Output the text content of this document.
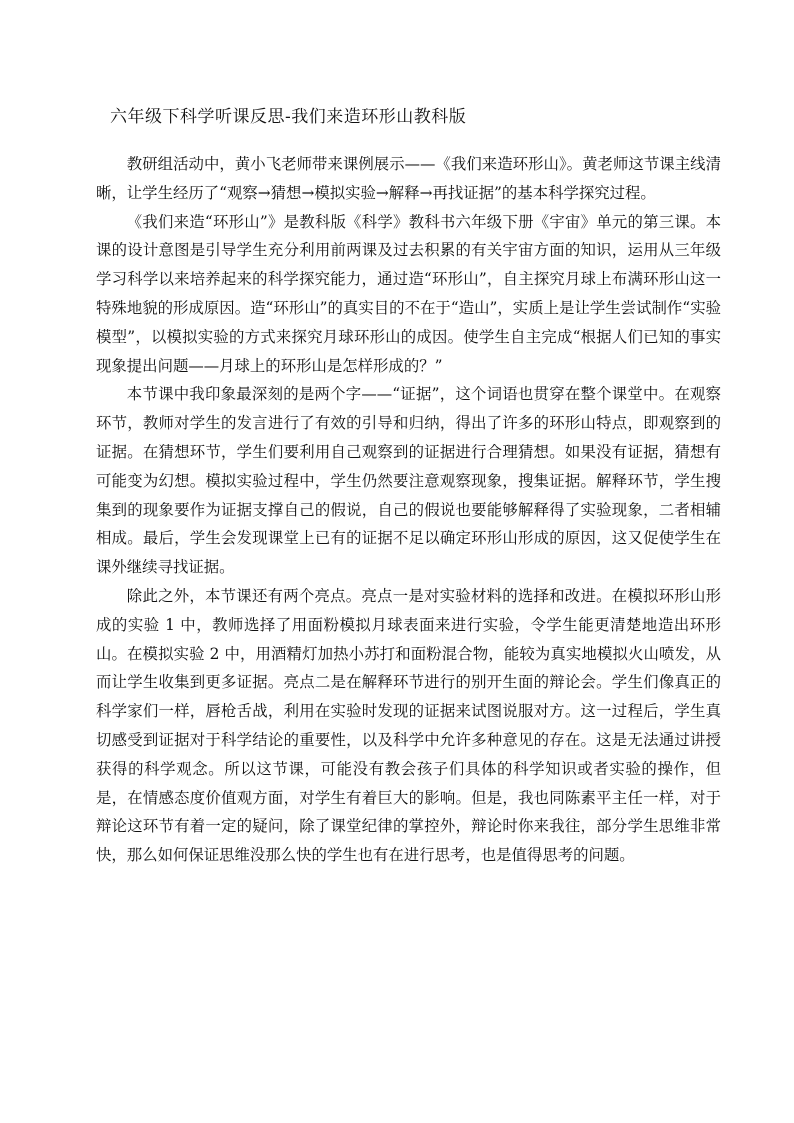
六年级下科学听课反思-我们来造环形山教科版

教研组活动中，黄小飞老师带来课例展示——《我们来造环形山》。黄老师这节课主线清晰，让学生经历了“观察→猜想→模拟实验→解释→再找证据”的基本科学探究过程。

《我们来造“环形山”》是教科版《科学》教科书六年级下册《宇宙》单元的第三课。本课的设计意图是引导学生充分利用前两课及过去积累的有关宇宙方面的知识，运用从三年级学习科学以来培养起来的科学探究能力，通过造“环形山”，自主探究月球上布满环形山这一特殊地貌的形成原因。造“环形山”的真实目的不在于“造山”，实质上是让学生尝试制作“实验模型”，以模拟实验的方式来探究月球环形山的成因。使学生自主完成“根据人们已知的事实现象提出问题——月球上的环形山是怎样形成的？”

本节课中我印象最深刻的是两个字——“证据”，这个词语也贯穿在整个课堂中。在观察环节，教师对学生的发言进行了有效的引导和归纳，得出了许多的环形山特点，即观察到的证据。在猜想环节，学生们要利用自己观察到的证据进行合理猜想。如果没有证据，猜想有可能变为幻想。模拟实验过程中，学生仍然要注意观察现象，搜集证据。解释环节，学生搜集到的现象要作为证据支撑自己的假说，自己的假说也要能够解释得了实验现象，二者相辅相成。最后，学生会发现课堂上已有的证据不足以确定环形山形成的原因，这又促使学生在课外继续寻找证据。

除此之外，本节课还有两个亮点。亮点一是对实验材料的选择和改进。在模拟环形山形成的实验 1 中，教师选择了用面粉模拟月球表面来进行实验，令学生能更清楚地造出环形山。在模拟实验 2 中，用酒精灯加热小苏打和面粉混合物，能较为真实地模拟火山喷发，从而让学生收集到更多证据。亮点二是在解释环节进行的别开生面的辩论会。学生们像真正的科学家们一样，唇枪舌战，利用在实验时发现的证据来试图说服对方。这一过程后，学生真切感受到证据对于科学结论的重要性，以及科学中允许多种意见的存在。这是无法通过讲授获得的科学观念。所以这节课，可能没有教会孩子们具体的科学知识或者实验的操作，但是，在情感态度价值观方面，对学生有着巨大的影响。但是，我也同陈素平主任一样，对于辩论这环节有着一定的疑问，除了课堂纪律的掌控外，辩论时你来我往，部分学生思维非常快，那么如何保证思维没那么快的学生也有在进行思考，也是值得思考的问题。
